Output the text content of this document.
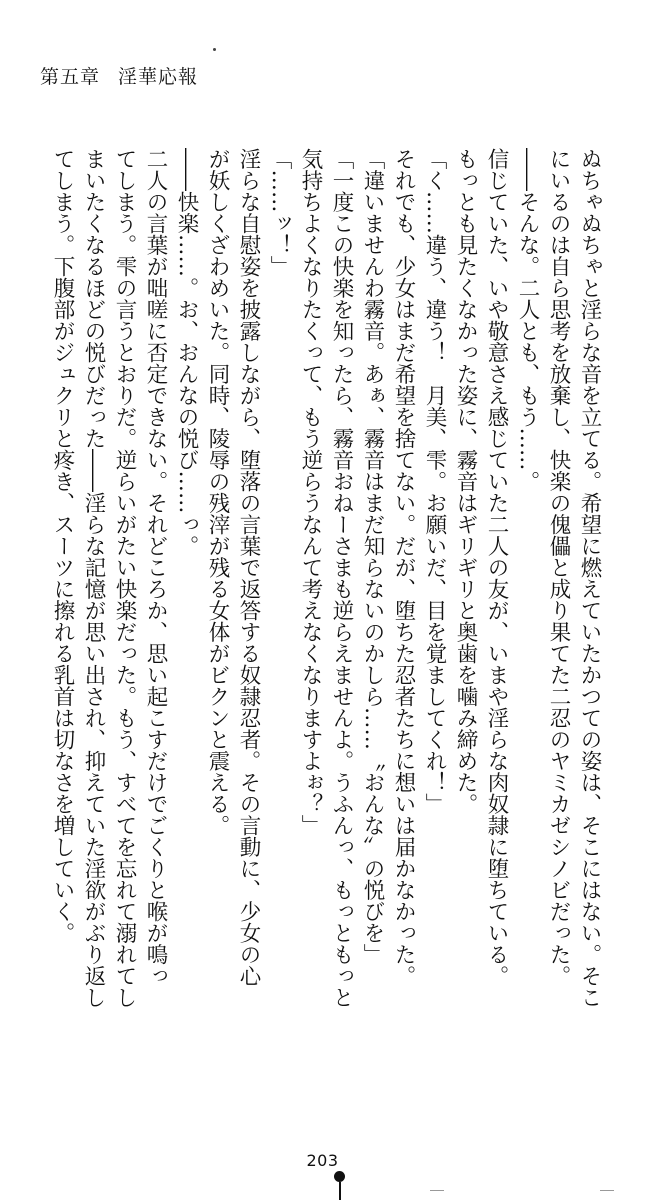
第五章 淫華応報

ぬちゃぬちゃと淫らな音を立てる。希望に燃えていたかつての姿は、そこにはない。そこ

にいるのは自ら思考を放棄し、快楽の傀儡と成り果てた二忍のヤミカゼシノビだった。

――そんな。二人とも、もう……。

信じていた、いや敬意さえ感じていた二人の友が、いまや淫らな肉奴隷に堕ちている。

もっとも見たくなかった姿に、霧音はギリギリと奥歯を噛み締めた。

「く……違う、違う！　月美、雫。お願いだ、目を覚ましてくれ！」

それでも、少女はまだ希望を捨てない。だが、堕ちた忍者たちに想いは届かなかった。

「違いませんわ霧音。あぁ、霧音はまだ知らないのかしら……〝おんな〟の悦びを」

「一度この快楽を知ったら、霧音おねーさまも逆らえませんよ。うふんっ、もっともっと

気持ちよくなりたくって、もう逆らうなんて考えなくなりますよぉ？」

「……ッ！」

淫らな自慰姿を披露しながら、堕落の言葉で返答する奴隷忍者。その言動に、少女の心

が妖しくざわめいた。同時、陵辱の残滓が残る女体がビクンと震える。

――快楽……。お、おんなの悦び……っ。

二人の言葉が咄嗟に否定できない。それどころか、思い起こすだけでごくりと喉が鳴っ

てしまう。雫の言うとおりだ。逆らいがたい快楽だった。もう、すべてを忘れて溺れてし

まいたくなるほどの悦びだった――淫らな記憶が思い出され、抑えていた淫欲がぶり返し

てしまう。下腹部がジュクリと疼き、スーツに擦れる乳首は切なさを増していく。

203
